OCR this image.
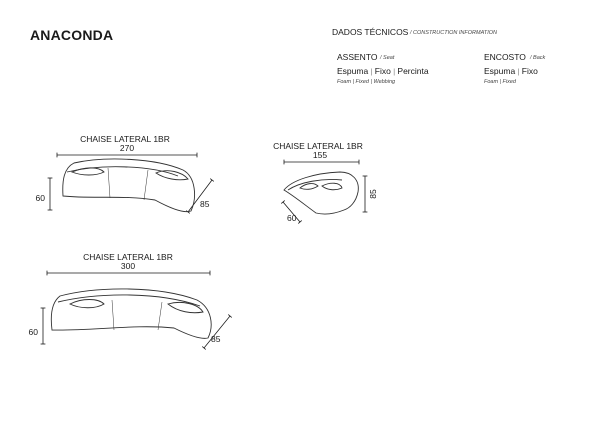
ANACONDA	DADOS TÉCNICOS / CONSTRUCTION INFORMATION
ASSENTO / Seat
Espuma | Fixo | Percinta
Foam | Fixed | Webbing
ENCOSTO / Back
Espuma | Fixo
Foam | Fixed
CHAISE LATERAL 1BR
270
60
85
CHAISE LATERAL 1BR
155
85
60
CHAISE LATERAL 1BR
300
60
85
